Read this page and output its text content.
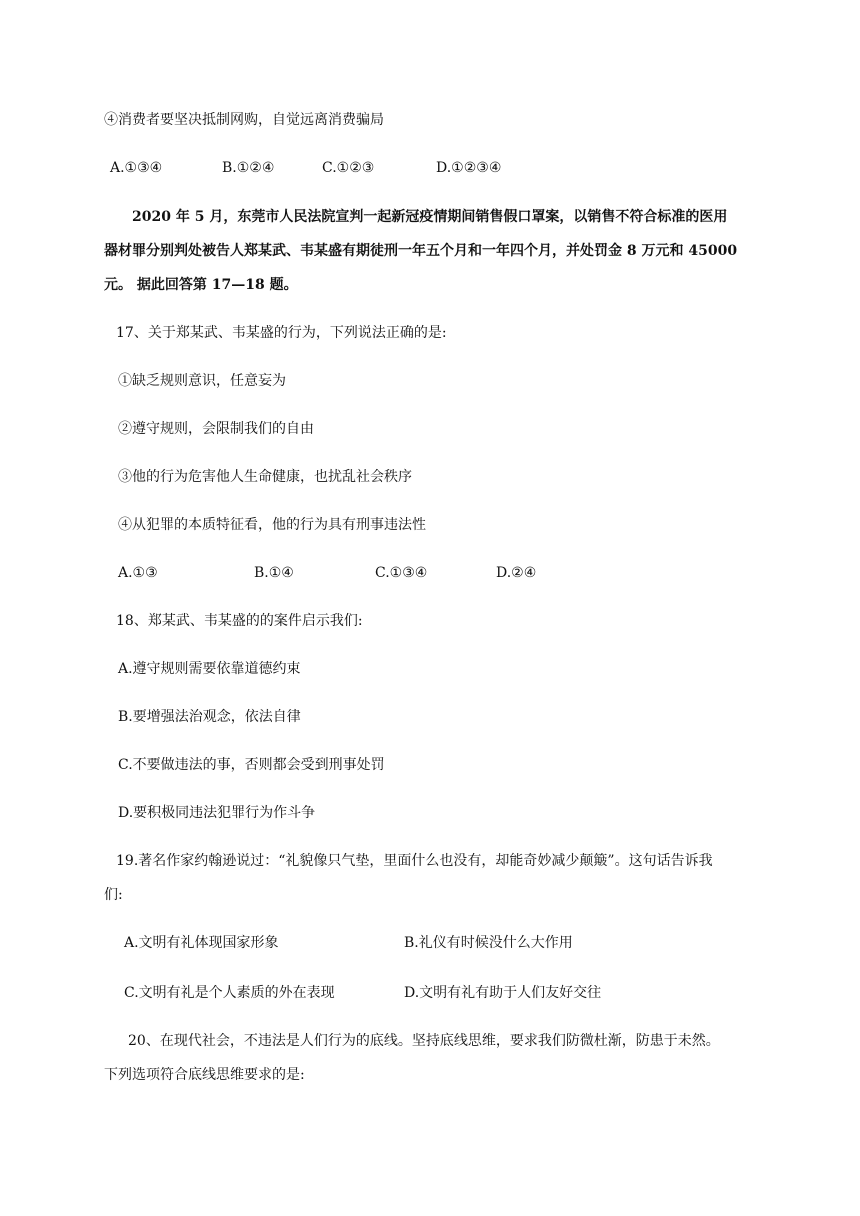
④消费者要坚决抵制网购，自觉远离消费骗局
A.①③④	B.①②④	C.①②③	D.①②③④
2020 年 5 月，东莞市人民法院宣判一起新冠疫情期间销售假口罩案，以销售不符合标准的医用
器材罪分别判处被告人郑某武、韦某盛有期徒刑一年五个月和一年四个月，并处罚金 8 万元和 45000
元。 据此回答第 17—18 题。
17、关于郑某武、韦某盛的行为，下列说法正确的是:
①缺乏规则意识，任意妄为
②遵守规则，会限制我们的自由
③他的行为危害他人生命健康，也扰乱社会秩序
④从犯罪的本质特征看，他的行为具有刑事违法性
A.①③	B.①④	C.①③④	D.②④
18、郑某武、韦某盛的的案件启示我们:
A.遵守规则需要依靠道德约束
B.要增强法治观念，依法自律
C.不要做违法的事，否则都会受到刑事处罚
D.要积极同违法犯罪行为作斗争
19.著名作家约翰逊说过：“礼貌像只气垫，里面什么也没有，却能奇妙减少颠簸”。这句话告诉我
们:
A.文明有礼体现国家形象	B.礼仪有时候没什么大作用
C.文明有礼是个人素质的外在表现	D.文明有礼有助于人们友好交往
20、在现代社会，不违法是人们行为的底线。坚持底线思维，要求我们防微杜渐，防患于未然。
下列选项符合底线思维要求的是:
